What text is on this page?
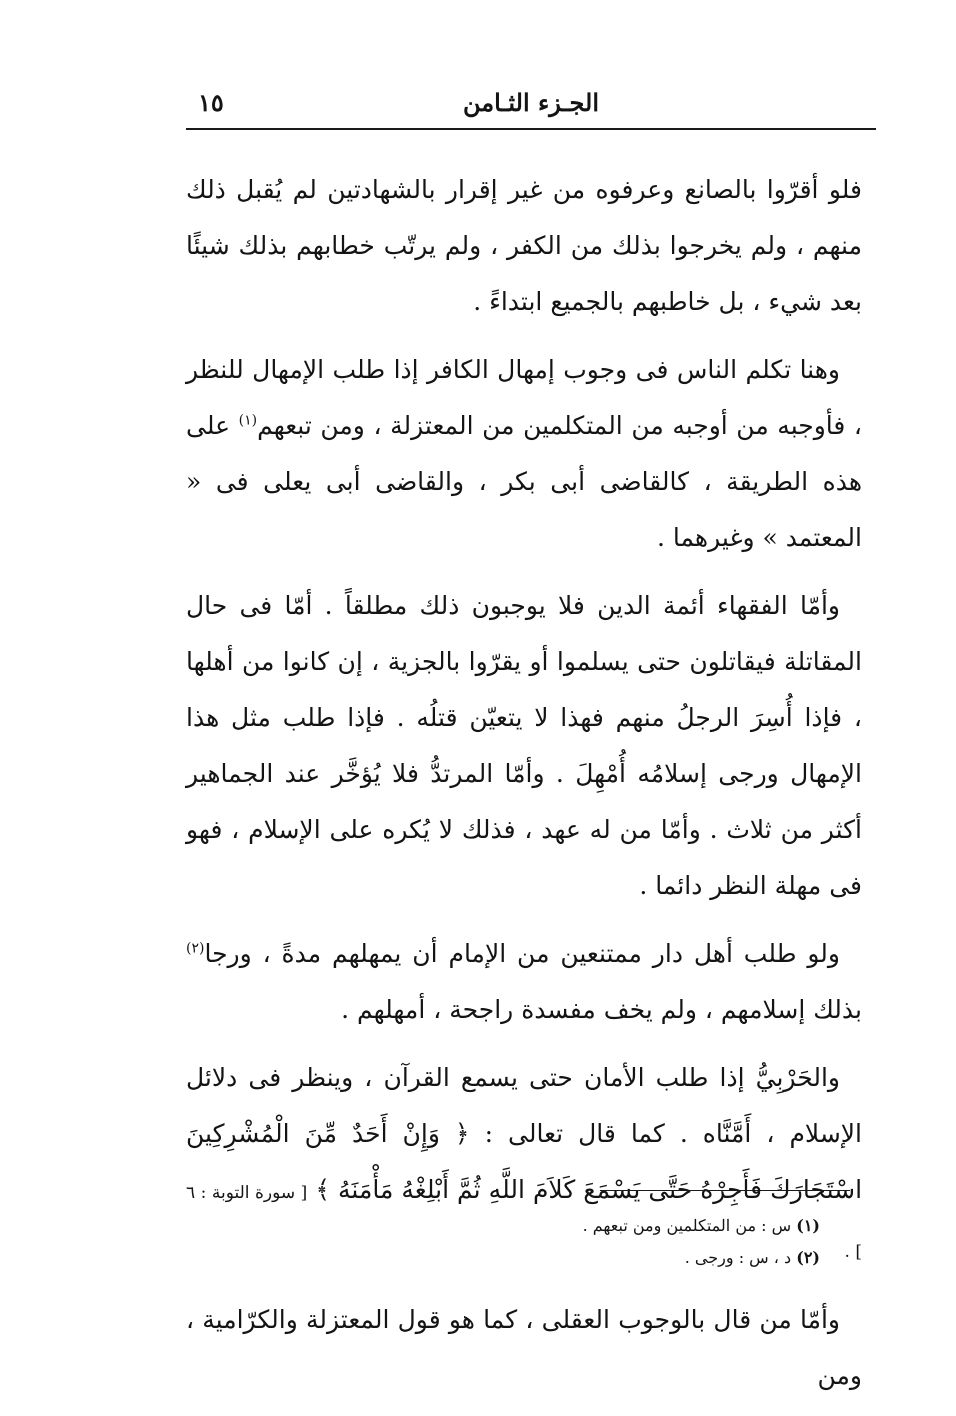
١٥	الجـزء الثـامن

فلو أقرّوا بالصانع وعرفوه من غير إقرار بالشهادتين لم يُقبل ذلك منهم ، ولم يخرجوا بذلك من الكفر ، ولم يرتّب خطابهم بذلك شيئًا بعد شيء ، بل خاطبهم بالجميع ابتداءً .

وهنا تكلم الناس فى وجوب إمهال الكافر إذا طلب الإمهال للنظر ، فأوجبه من أوجبه من المتكلمين من المعتزلة ، ومن تبعهم$^{(١)}$ على هذه الطريقة ، كالقاضى أبى بكر ، والقاضى أبى يعلى فى « المعتمد » وغيرهما .

وأمّا الفقهاء أئمة الدين فلا يوجبون ذلك مطلقاً . أمّا فى حال المقاتلة فيقاتلون حتى يسلموا أو يقرّوا بالجزية ، إن كانوا من أهلها ، فإذا أُسِرَ الرجلُ منهم فهذا لا يتعيّن قتلُه . فإذا طلب مثل هذا الإمهال ورجى إسلامُه أُمْهِلَ . وأمّا المرتدُّ فلا يُؤخَّر عند الجماهير أكثر من ثلاث . وأمّا من له عهد ، فذلك لا يُكره على الإسلام ، فهو فى مهلة النظر دائما .

ولو طلب أهل دار ممتنعين من الإمام أن يمهلهم مدةً ، ورجا$^{(٢)}$ بذلك إسلامهم ، ولم يخف مفسدة راجحة ، أمهلهم .

والحَرْبِيُّ إذا طلب الأمان حتى يسمع القرآن ، وينظر فى دلائل الإسلام ، أَمَّنَّاه . كما قال تعالى : ﴿ وَإِنْ أَحَدٌ مِّنَ الْمُشْرِكِينَ اسْتَجَارَكَ فَأَجِرْهُ حَتَّى يَسْمَعَ كَلاَمَ اللَّهِ ثُمَّ أَبْلِغْهُ مَأْمَنَهُ ﴾ [ سورة التوبة : ٦ ] .

وأمّا من قال بالوجوب العقلى ، كما هو قول المعتزلة والكرّامية ، ومن

(١) س : من المتكلمين ومن تبعهم .

(٢) د ، س : ورجى .
